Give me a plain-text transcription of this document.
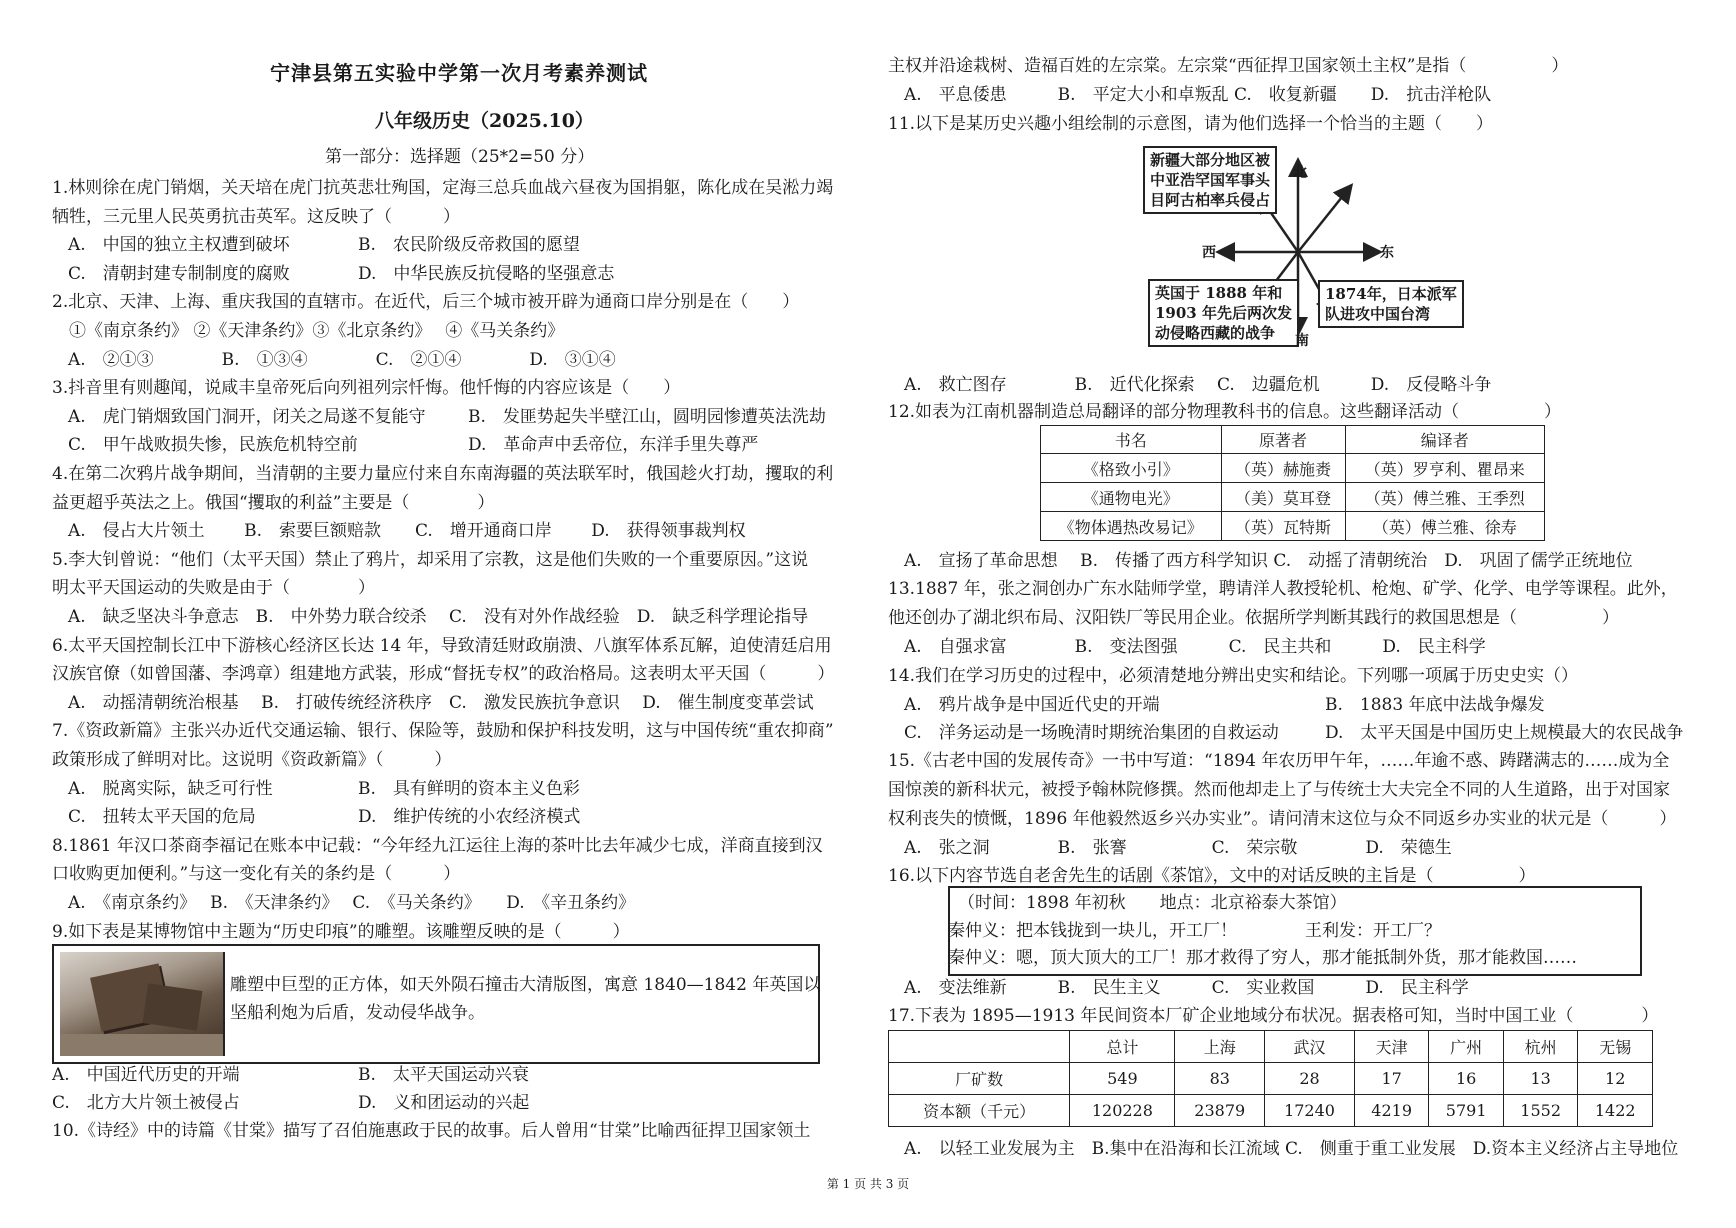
宁津县第五实验中学第一次月考素养测试
八年级历史（2025.10）
第一部分：选择题（25*2=50 分）
1.林则徐在虎门销烟，关天培在虎门抗英悲壮殉国，定海三总兵血战六昼夜为国捐躯，陈化成在吴淞力竭
牺牲，三元里人民英勇抗击英军。这反映了（　　　）
2.北京、天津、上海、重庆我国的直辖市。在近代，后三个城市被开辟为通商口岸分别是在（　　）
　①《南京条约》 ②《天津条约》③《北京条约》　 ④《马关条约》
3.抖音里有则趣闻，说咸丰皇帝死后向列祖列宗忏悔。他忏悔的内容应该是（　　）
4.在第二次鸦片战争期间，当清朝的主要力量应付来自东南海疆的英法联军时，俄国趁火打劫，攫取的利
益更超乎英法之上。俄国“攫取的利益”主要是（　　　　）
5.李大钊曾说：“他们（太平天国）禁止了鸦片，却采用了宗教，这是他们失败的一个重要原因。”这说
明太平天国运动的失败是由于（　　　　）
6.太平天国控制长江中下游核心经济区长达 14 年，导致清廷财政崩溃、八旗军体系瓦解，迫使清廷启用
汉族官僚（如曾国藩、李鸿章）组建地方武装，形成“督抚专权”的政治格局。这表明太平天国（　　　）
7.《资政新篇》主张兴办近代交通运输、银行、保险等，鼓励和保护科技发明，这与中国传统“重农抑商”
政策形成了鲜明对比。这说明《资政新篇》（　　　）
8.1861 年汉口茶商李福记在账本中记载：“今年经九江运往上海的茶叶比去年减少七成，洋商直接到汉
口收购更加便利。”与这一变化有关的条约是（　　　）
9.如下表是某博物馆中主题为“历史印痕”的雕塑。该雕塑反映的是（　　　）
A.　中国的独立主权遭到破坏	B.　农民阶级反帝救国的愿望
C.　清朝封建专制制度的腐败	D.　中华民族反抗侵略的坚强意志
A.　②①③　　　　B.　①③④　　　　C.　②①④　　　　D.　③①④
A.　虎门销烟致国门洞开，闭关之局遂不复能守 B.　发匪势起失半壁江山，圆明园惨遭英法洗劫
C.　甲午战败损失惨，民族危机特空前	D.　革命声中丢帝位，东洋手里失尊严
A.　侵占大片领土　　 B.　索要巨额赔款　　C.　增开通商口岸　　 D.　获得领事裁判权
A.　缺乏坚决斗争意志　B.　中外势力联合绞杀　 C.　没有对外作战经验　D.　缺乏科学理论指导
A.　动摇清朝统治根基　 B.　打破传统经济秩序　C.　激发民族抗争意识　 D.　催生制度变革尝试
A.　脱离实际，缺乏可行性	B.　具有鲜明的资本主义色彩
C.　扭转太平天国的危局	D.　维护传统的小农经济模式
A.　《南京条约》　 B.　《天津条约》　 C.　《马关条约》　　D.　《辛丑条约》
雕塑中巨型的正方体，如天外陨石撞击大清版图，寓意 1840—1842 年英国以
坚船利炮为后盾，发动侵华战争。
A.　中国近代历史的开端	B.　太平天国运动兴衰
C.　北方大片领土被侵占	D.　义和团运动的兴起
10.《诗经》中的诗篇《甘棠》描写了召伯施惠政于民的故事。后人曾用“甘棠”比喻西征捍卫国家领土
主权并沿途栽树、造福百姓的左宗棠。左宗棠“西征捍卫国家领土主权”是指（　　　　　）
A.　平息倭患　　　B.　平定大小和卓叛乱 C.　收复新疆　　D.　抗击洋枪队
11.以下是某历史兴趣小组绘制的示意图，请为他们选择一个恰当的主题（　　）
新疆大部分地区被
中亚浩罕国军事头
目阿古柏率兵侵占
英国于 1888 年和
1903 年先后两次发
动侵略西藏的战争
1874年，日本派军
队进攻中国台湾
北
南
东
西
A.　救亡图存　　　　B.　近代化探索　 C.　边疆危机　　　D.　反侵略斗争
12.如表为江南机器制造总局翻译的部分物理教科书的信息。这些翻译活动（　　　　　）
书名	原著者	编译者
《格致小引》	（英）赫施赉	（英）罗亨利、瞿昂来
《通物电光》	（美）莫耳登	（英）傅兰雅、王季烈
《物体遇热改易记》	（英）瓦特斯	（英）傅兰雅、徐寿
A.　宣扬了革命思想　 B.　传播了西方科学知识 C.　动摇了清朝统治　D.　巩固了儒学正统地位
13.1887 年，张之洞创办广东水陆师学堂，聘请洋人教授轮机、枪炮、矿学、化学、电学等课程。此外，
他还创办了湖北织布局、汉阳铁厂等民用企业。依据所学判断其践行的救国思想是（　　　　　）
A.　自强求富　　　　B.　变法图强　　　C.　民主共和　　　D.　民主科学
14.我们在学习历史的过程中，必须清楚地分辨出史实和结论。下列哪一项属于历史史实（）
15.《古老中国的发展传奇》一书中写道：“1894 年农历甲午年，……年逾不惑、踌躇满志的……成为全
国惊羡的新科状元，被授予翰林院修撰。然而他却走上了与传统士大夫完全不同的人生道路，出于对国家
权利丧失的愤慨，1896 年他毅然返乡兴办实业”。请问清末这位与众不同返乡办实业的状元是（　　　）
A.　张之洞　　　　B.　张謇　　　　　C.　荣宗敬　　　　D.　荣德生
16.以下内容节选自老舍先生的话剧《茶馆》，文中的对话反映的主旨是（　　　　　）
A.　鸦片战争是中国近代史的开端	B.　1883 年底中法战争爆发
C.　洋务运动是一场晚清时期统治集团的自救运动	D.　太平天国是中国历史上规模最大的农民战争
（时间：1898 年初秋　　地点：北京裕泰大茶馆）
秦仲义：把本钱拢到一块儿，开工厂！　　　　王利发：开工厂？
秦仲义：嗯，顶大顶大的工厂！那才救得了穷人，那才能抵制外货，那才能救国……
A.　变法维新　　　B.　民生主义　　　C.　实业救国　　　D.　民主科学
17.下表为 1895—1913 年民间资本厂矿企业地域分布状况。据表格可知，当时中国工业（　　　　）
	总计	上海	武汉	天津	广州	杭州	无锡
厂矿数	549	83	28	17	16	13	12
资本额（千元）	120228	23879	17240	4219	5791	1552	1422
A.　以轻工业发展为主　B.集中在沿海和长江流域 C.　侧重于重工业发展　D.资本主义经济占主导地位
第 1 页 共 3 页
